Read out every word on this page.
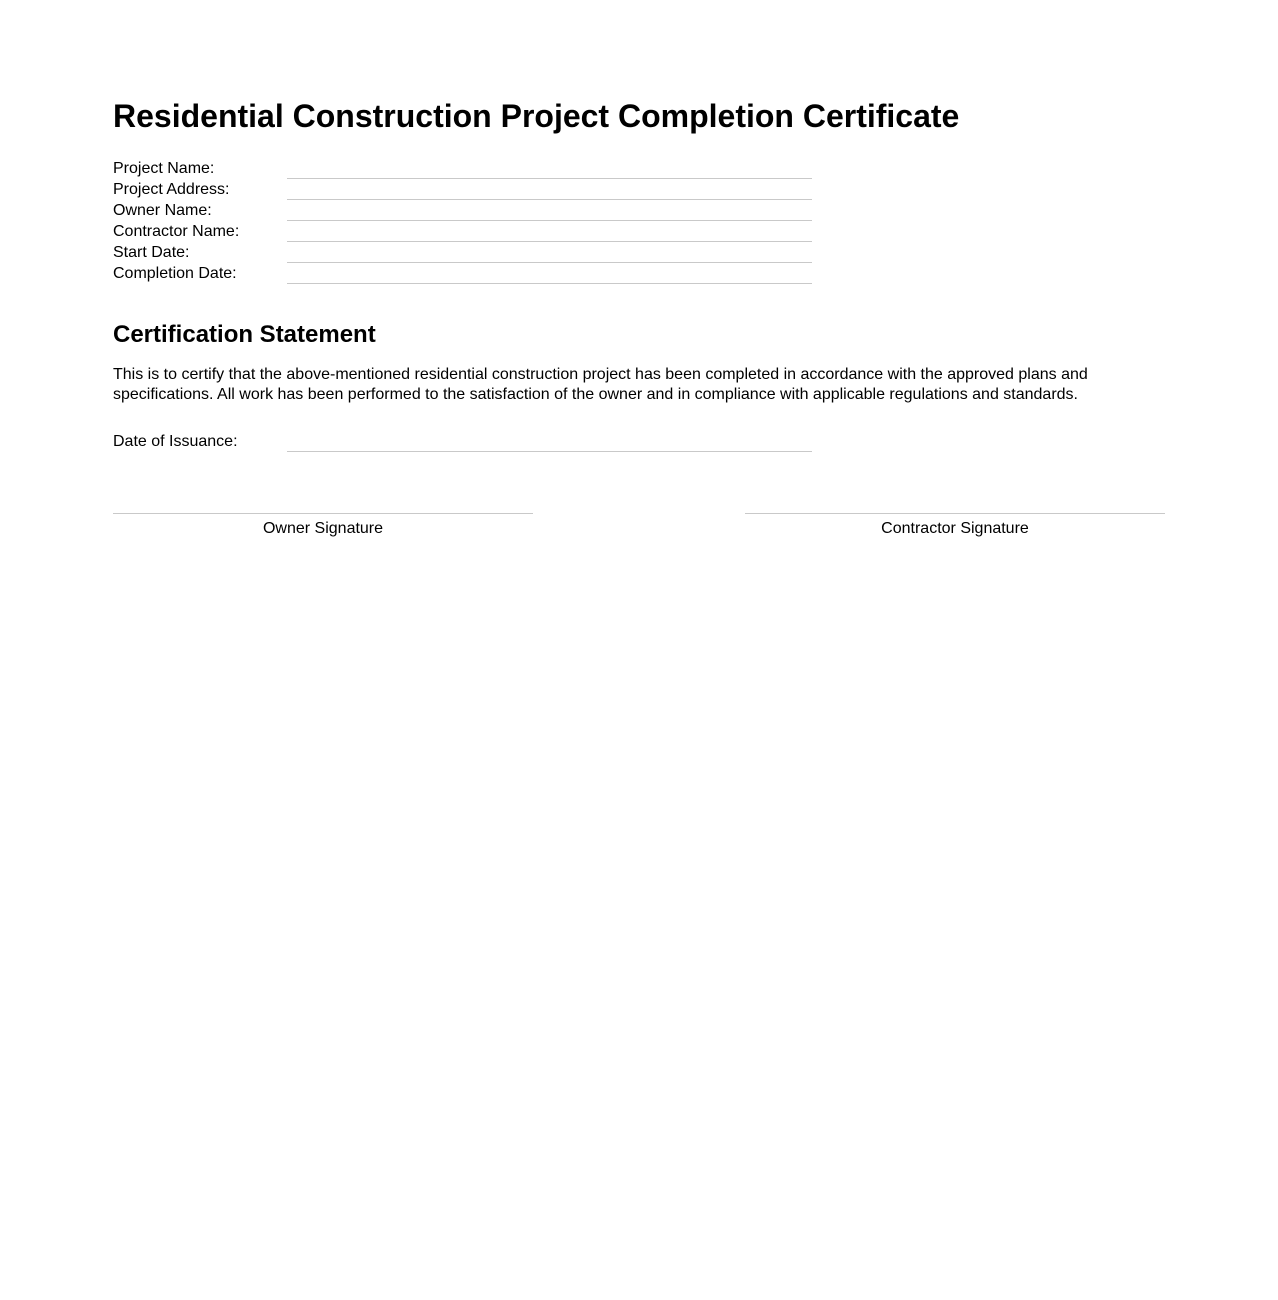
Residential Construction Project Completion Certificate
Project Name:
Project Address:
Owner Name:
Contractor Name:
Start Date:
Completion Date:
Certification Statement

This is to certify that the above-mentioned residential construction project has been completed in accordance with the approved plans and specifications. All work has been performed to the satisfaction of the owner and in compliance with applicable regulations and standards.

Date of Issuance:
Owner Signature	Contractor Signature
